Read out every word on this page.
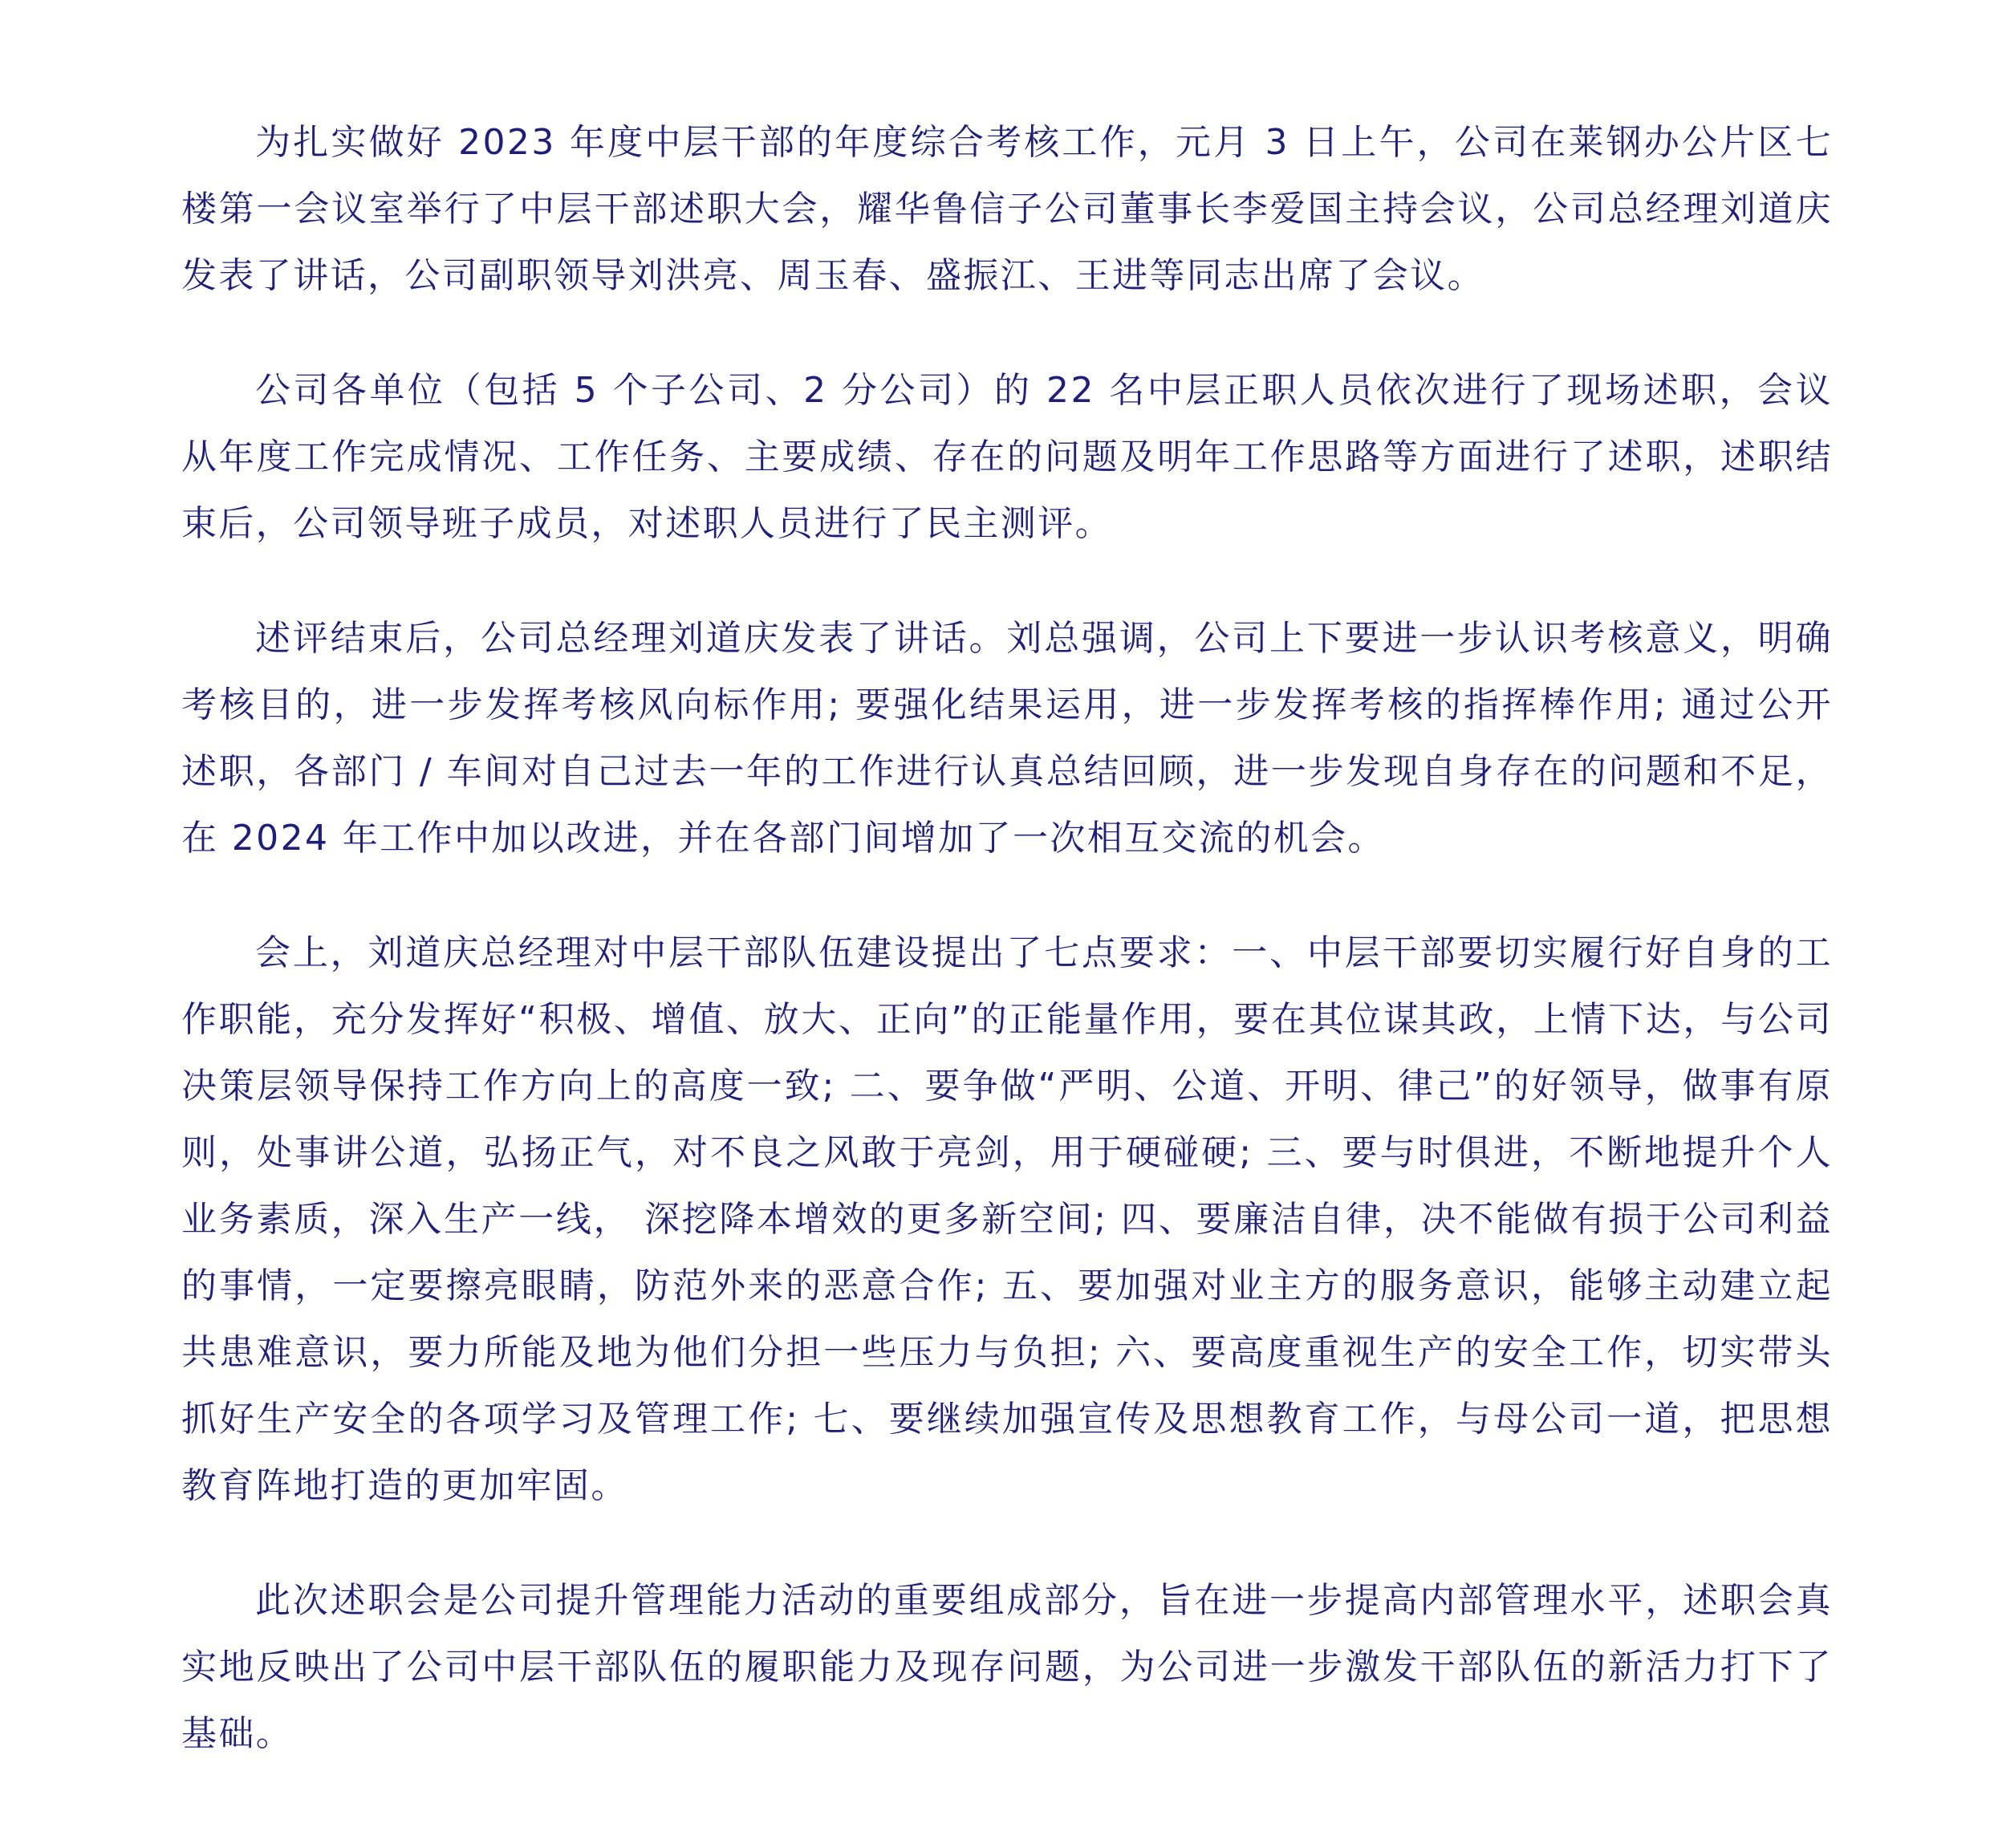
为扎实做好 2023 年度中层干部的年度综合考核工作，元月 3 日上午，公司在莱钢办公片区七楼第一会议室举行了中层干部述职大会，耀华鲁信子公司董事长李爱国主持会议，公司总经理刘道庆发表了讲话，公司副职领导刘洪亮、周玉春、盛振江、王进等同志出席了会议。

公司各单位（包括 5 个子公司、2 分公司）的 22 名中层正职人员依次进行了现场述职，会议从年度工作完成情况、工作任务、主要成绩、存在的问题及明年工作思路等方面进行了述职，述职结束后，公司领导班子成员，对述职人员进行了民主测评。

述评结束后，公司总经理刘道庆发表了讲话。刘总强调，公司上下要进一步认识考核意义，明确考核目的，进一步发挥考核风向标作用; 要强化结果运用，进一步发挥考核的指挥棒作用; 通过公开述职，各部门 / 车间对自己过去一年的工作进行认真总结回顾，进一步发现自身存在的问题和不足，在 2024 年工作中加以改进，并在各部门间增加了一次相互交流的机会。

会上，刘道庆总经理对中层干部队伍建设提出了七点要求：一、中层干部要切实履行好自身的工作职能，充分发挥好“积极、增值、放大、正向”的正能量作用，要在其位谋其政，上情下达，与公司决策层领导保持工作方向上的高度一致; 二、要争做“严明、公道、开明、律己”的好领导，做事有原则，处事讲公道，弘扬正气，对不良之风敢于亮剑，用于硬碰硬; 三、要与时俱进，不断地提升个人业务素质，深入生产一线， 深挖降本增效的更多新空间; 四、要廉洁自律，决不能做有损于公司利益的事情，一定要擦亮眼睛，防范外来的恶意合作; 五、要加强对业主方的服务意识，能够主动建立起共患难意识，要力所能及地为他们分担一些压力与负担; 六、要高度重视生产的安全工作，切实带头抓好生产安全的各项学习及管理工作; 七、要继续加强宣传及思想教育工作，与母公司一道，把思想教育阵地打造的更加牢固。

此次述职会是公司提升管理能力活动的重要组成部分，旨在进一步提高内部管理水平，述职会真实地反映出了公司中层干部队伍的履职能力及现存问题，为公司进一步激发干部队伍的新活力打下了基础。
